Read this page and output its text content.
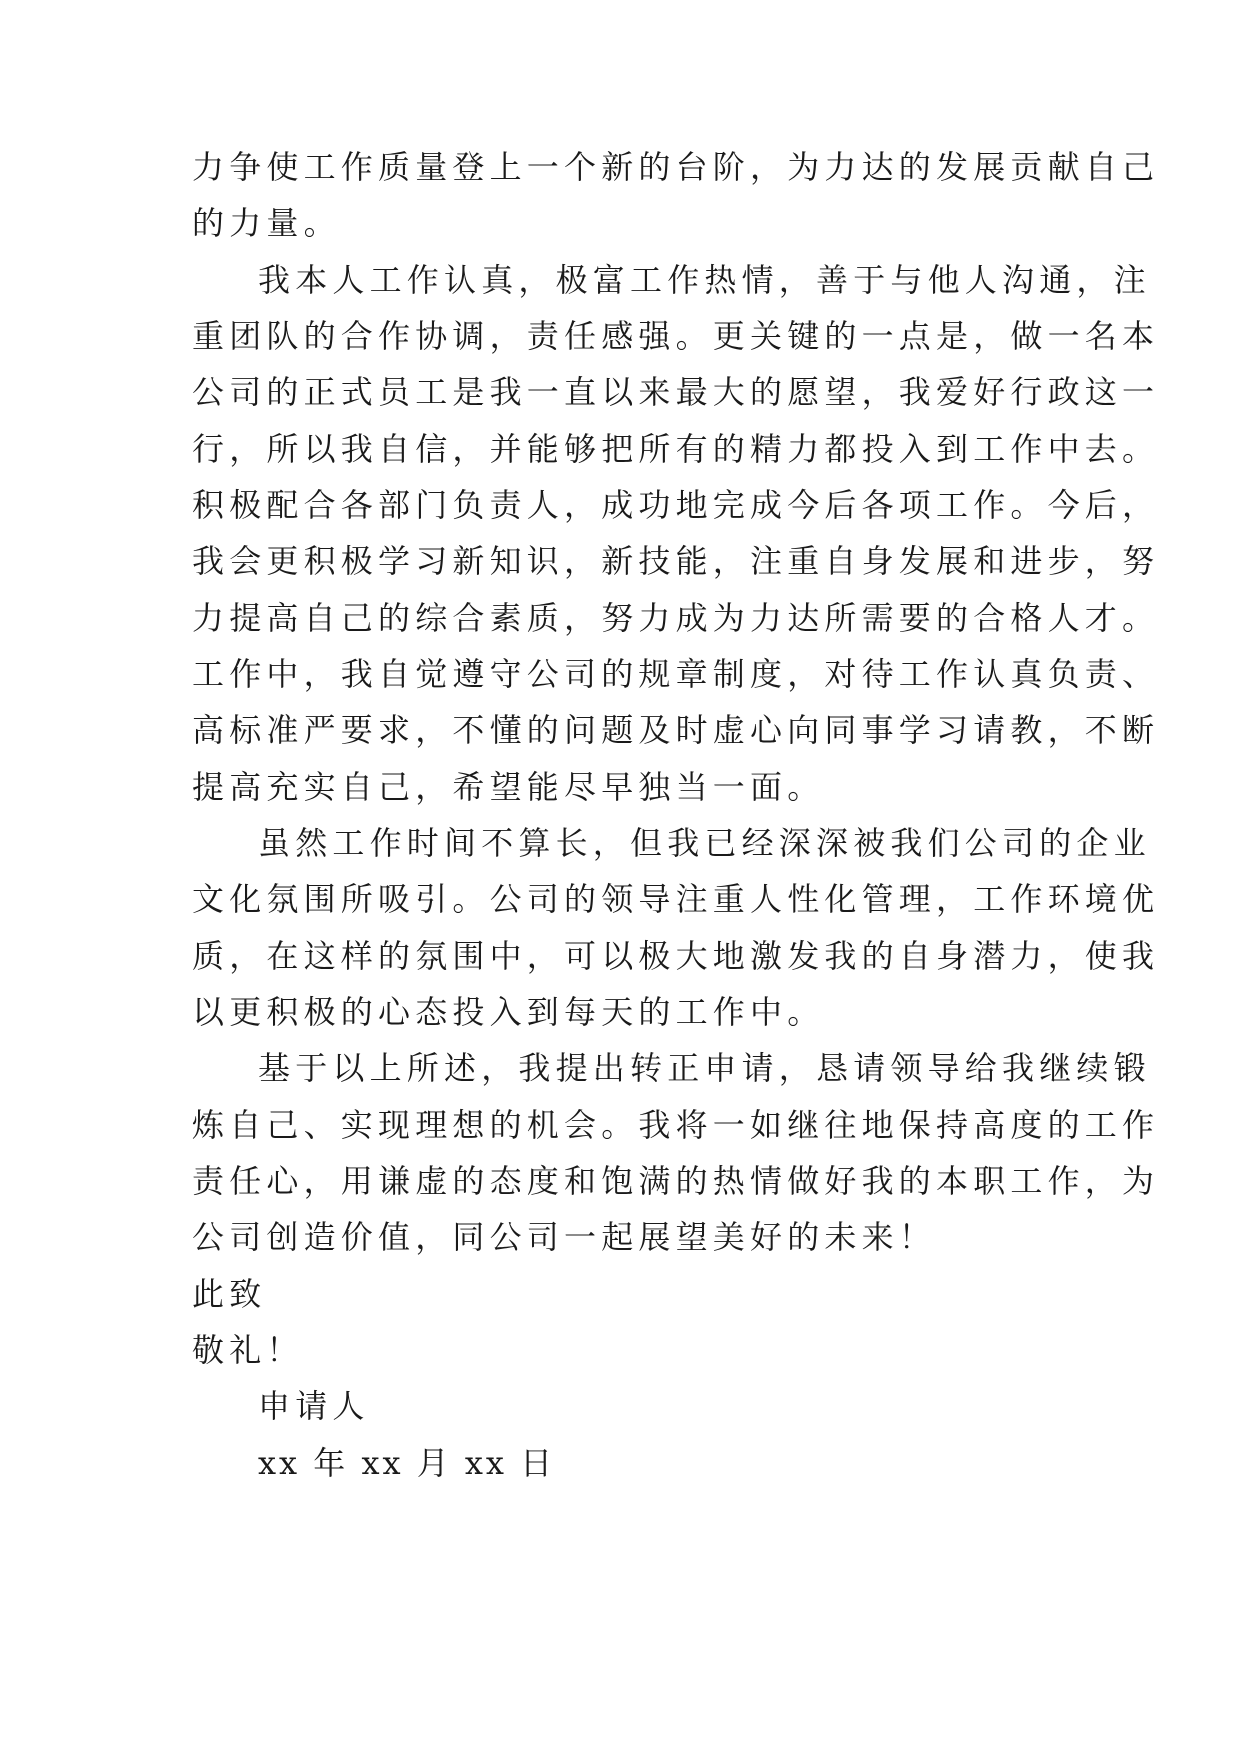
力争使工作质量登上一个新的台阶，为力达的发展贡献自己
的力量。
我本人工作认真，极富工作热情，善于与他人沟通，注
重团队的合作协调，责任感强。更关键的一点是，做一名本
公司的正式员工是我一直以来最大的愿望，我爱好行政这一
行，所以我自信，并能够把所有的精力都投入到工作中去。
积极配合各部门负责人，成功地完成今后各项工作。今后，
我会更积极学习新知识，新技能，注重自身发展和进步，努
力提高自己的综合素质，努力成为力达所需要的合格人才。
工作中，我自觉遵守公司的规章制度，对待工作认真负责、
高标准严要求，不懂的问题及时虚心向同事学习请教，不断
提高充实自己，希望能尽早独当一面。
虽然工作时间不算长，但我已经深深被我们公司的企业
文化氛围所吸引。公司的领导注重人性化管理，工作环境优
质，在这样的氛围中，可以极大地激发我的自身潜力，使我
以更积极的心态投入到每天的工作中。
基于以上所述，我提出转正申请，恳请领导给我继续锻
炼自己、实现理想的机会。我将一如继往地保持高度的工作
责任心，用谦虚的态度和饱满的热情做好我的本职工作，为
公司创造价值，同公司一起展望美好的未来！
此致
敬礼！
申请人
xx 年 xx 月 xx 日
